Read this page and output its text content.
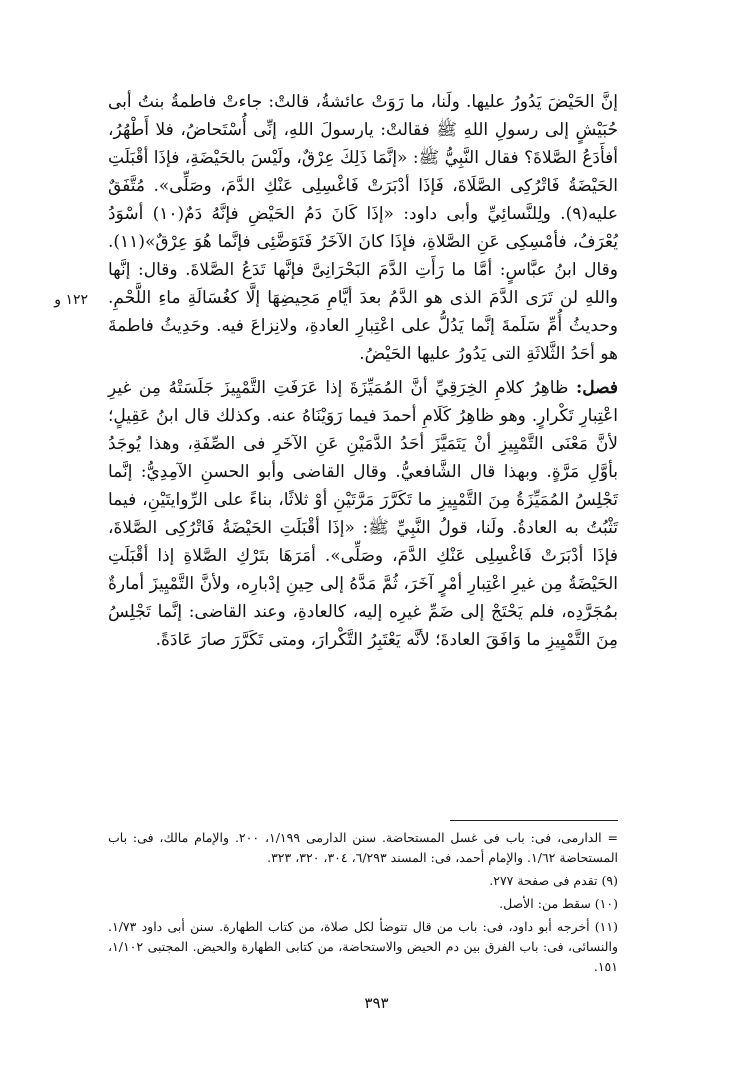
١٢٢ و

إنَّ الحَيْضَ يَدُورُ عليها. ولَنا، ما رَوَتْ عائشةُ، قالتْ: جاءتْ فاطمةُ بنتُ أبى حُبَيْشٍ إلى رسولِ اللهِ ﷺ فقالتْ: يارسولَ اللهِ، إنِّى أُسْتَحاضُ، فلا أَطْهُرُ، أفأَدَعُ الصَّلاةَ؟ فقال النَّبِيُّ ﷺ: «إنَّمَا ذَلِكَ عِرْقٌ، ولَيْسَ بالحَيْضَةِ، فإذَا أقْبَلَتِ الحَيْضَةُ فَاتْرُكِى الصَّلَاةَ، فَإذَا أدْبَرَتْ فَاغْسِلِى عَنْكِ الدَّمَ، وصَلِّى». مُتَّفَقٌ عليه(٩). ولِلنَّسائِيِّ وأبى داود: «إذَا كَانَ دَمُ الحَيْضِ فإنَّهُ دَمٌ(١٠) أسْوَدُ يُعْرَفُ، فأمْسِكِى عَنِ الصَّلاةِ، فإذَا كانَ الآخَرُ فَتَوَضَّئِى فإنَّما هُوَ عِرْقٌ»(١١). وقال ابنُ عبَّاسٍ: أمَّا ما رَأَتِ الدَّمَ البَحْرَانِىَّ فإنَّها تَدَعُ الصَّلاةَ. وقال: إنَّها واللهِ لن تَرَى الدَّمَ الذى هو الدَّمُ بعدَ أيَّامِ مَحِيضِهَا إلَّا كغُسَالَةِ ماءِ اللَّحْمِ. وحديثُ أُمِّ سَلَمةَ إنَّما يَدُلُّ على اعْتِبارِ العادةِ، ولانِزاعَ فيه. وحَدِيثُ فاطمةَ هو أحَدُ الثَّلاثَةِ التى يَدُورُ عليها الحَيْضُ.

فصل: ظاهِرُ كلامِ الخِرَقِيِّ أنَّ المُمَيِّزَةَ إذا عَرَفَتِ التَّمْيِيزَ جَلَسَتْهُ مِن غيرِ اعْتِبارِ تَكْرارٍ. وهو ظاهِرُ كَلَامِ أحمدَ فيما رَوَيْنَاهُ عنه. وكذلك قال ابنُ عَقِيلٍ؛ لأنَّ مَعْنَى التَّمْيِيزِ أنْ يَتَمَيَّزَ أحَدُ الدَّمَيْنِ عَنِ الآخَرِ فى الصِّفَةِ، وهذا يُوجَدُ بأوَّلِ مَرَّةٍ. وبهذا قال الشَّافعيُّ. وقال القاضى وأبو الحسنِ الآمِدِيُّ: إنَّما تَجْلِسُ المُمَيِّزَةُ مِنَ التَّمْيِيزِ ما تَكَرَّرَ مَرَّتَيْنِ أوْ ثلاثًا، بناءً على الرِّوايتَيْنِ، فيما تَثْبُتُ به العادةُ. ولَنا، قولُ النَّبِيِّ ﷺ: «إذَا أقْبَلَتِ الحَيْضَةُ فَاتْرُكِى الصَّلاةَ، فإذَا أدْبَرَتْ فَاغْسِلِى عَنْكِ الدَّمَ، وصَلِّى». أمَرَهَا بتَرْكِ الصَّلاةِ إذا أقْبَلَتِ الحَيْضَةُ مِن غيرِ اعْتِبارِ أمْرٍ آخَرَ، ثُمَّ مَدَّهُ إلى حِينِ إدْبارِه، ولأنَّ التَّمْيِيزَ أمارةٌ بمُجَرَّدِه، فلم يَحْتَجْ إلى ضَمِّ غيرِه إليه، كالعادةِ، وعند القاضى: إنَّما تَجْلِسُ مِنَ التَّمْيِيزِ ما وَافَقَ العادةَ؛ لأنَّه يَعْتَبِرُ التَّكْرارَ، ومتى تَكَرَّرَ صارَ عَادَةً.

= الدارمى، فى: باب فى غسل المستحاضة. سنن الدارمى ١/١٩٩، ٢٠٠. والإمام مالك، فى: باب المستحاضة ١/٦٢. والإمام أحمد، فى: المسند ٦/٢٩٣، ٣٠٤، ٣٢٠، ٣٢٣.

(٩) تقدم فى صفحة ٢٧٧.

(١٠) سقط من: الأصل.

(١١) أخرجه أبو داود، فى: باب من قال تتوضأ لكل صلاة، من كتاب الطهارة. سنن أبى داود ١/٧٣. والنسائى، فى: باب الفرق بين دم الحيض والاستحاضة، من كتابى الطهارة والحيض. المجتبى ١/١٠٢، ١٥١.

٣٩٣
